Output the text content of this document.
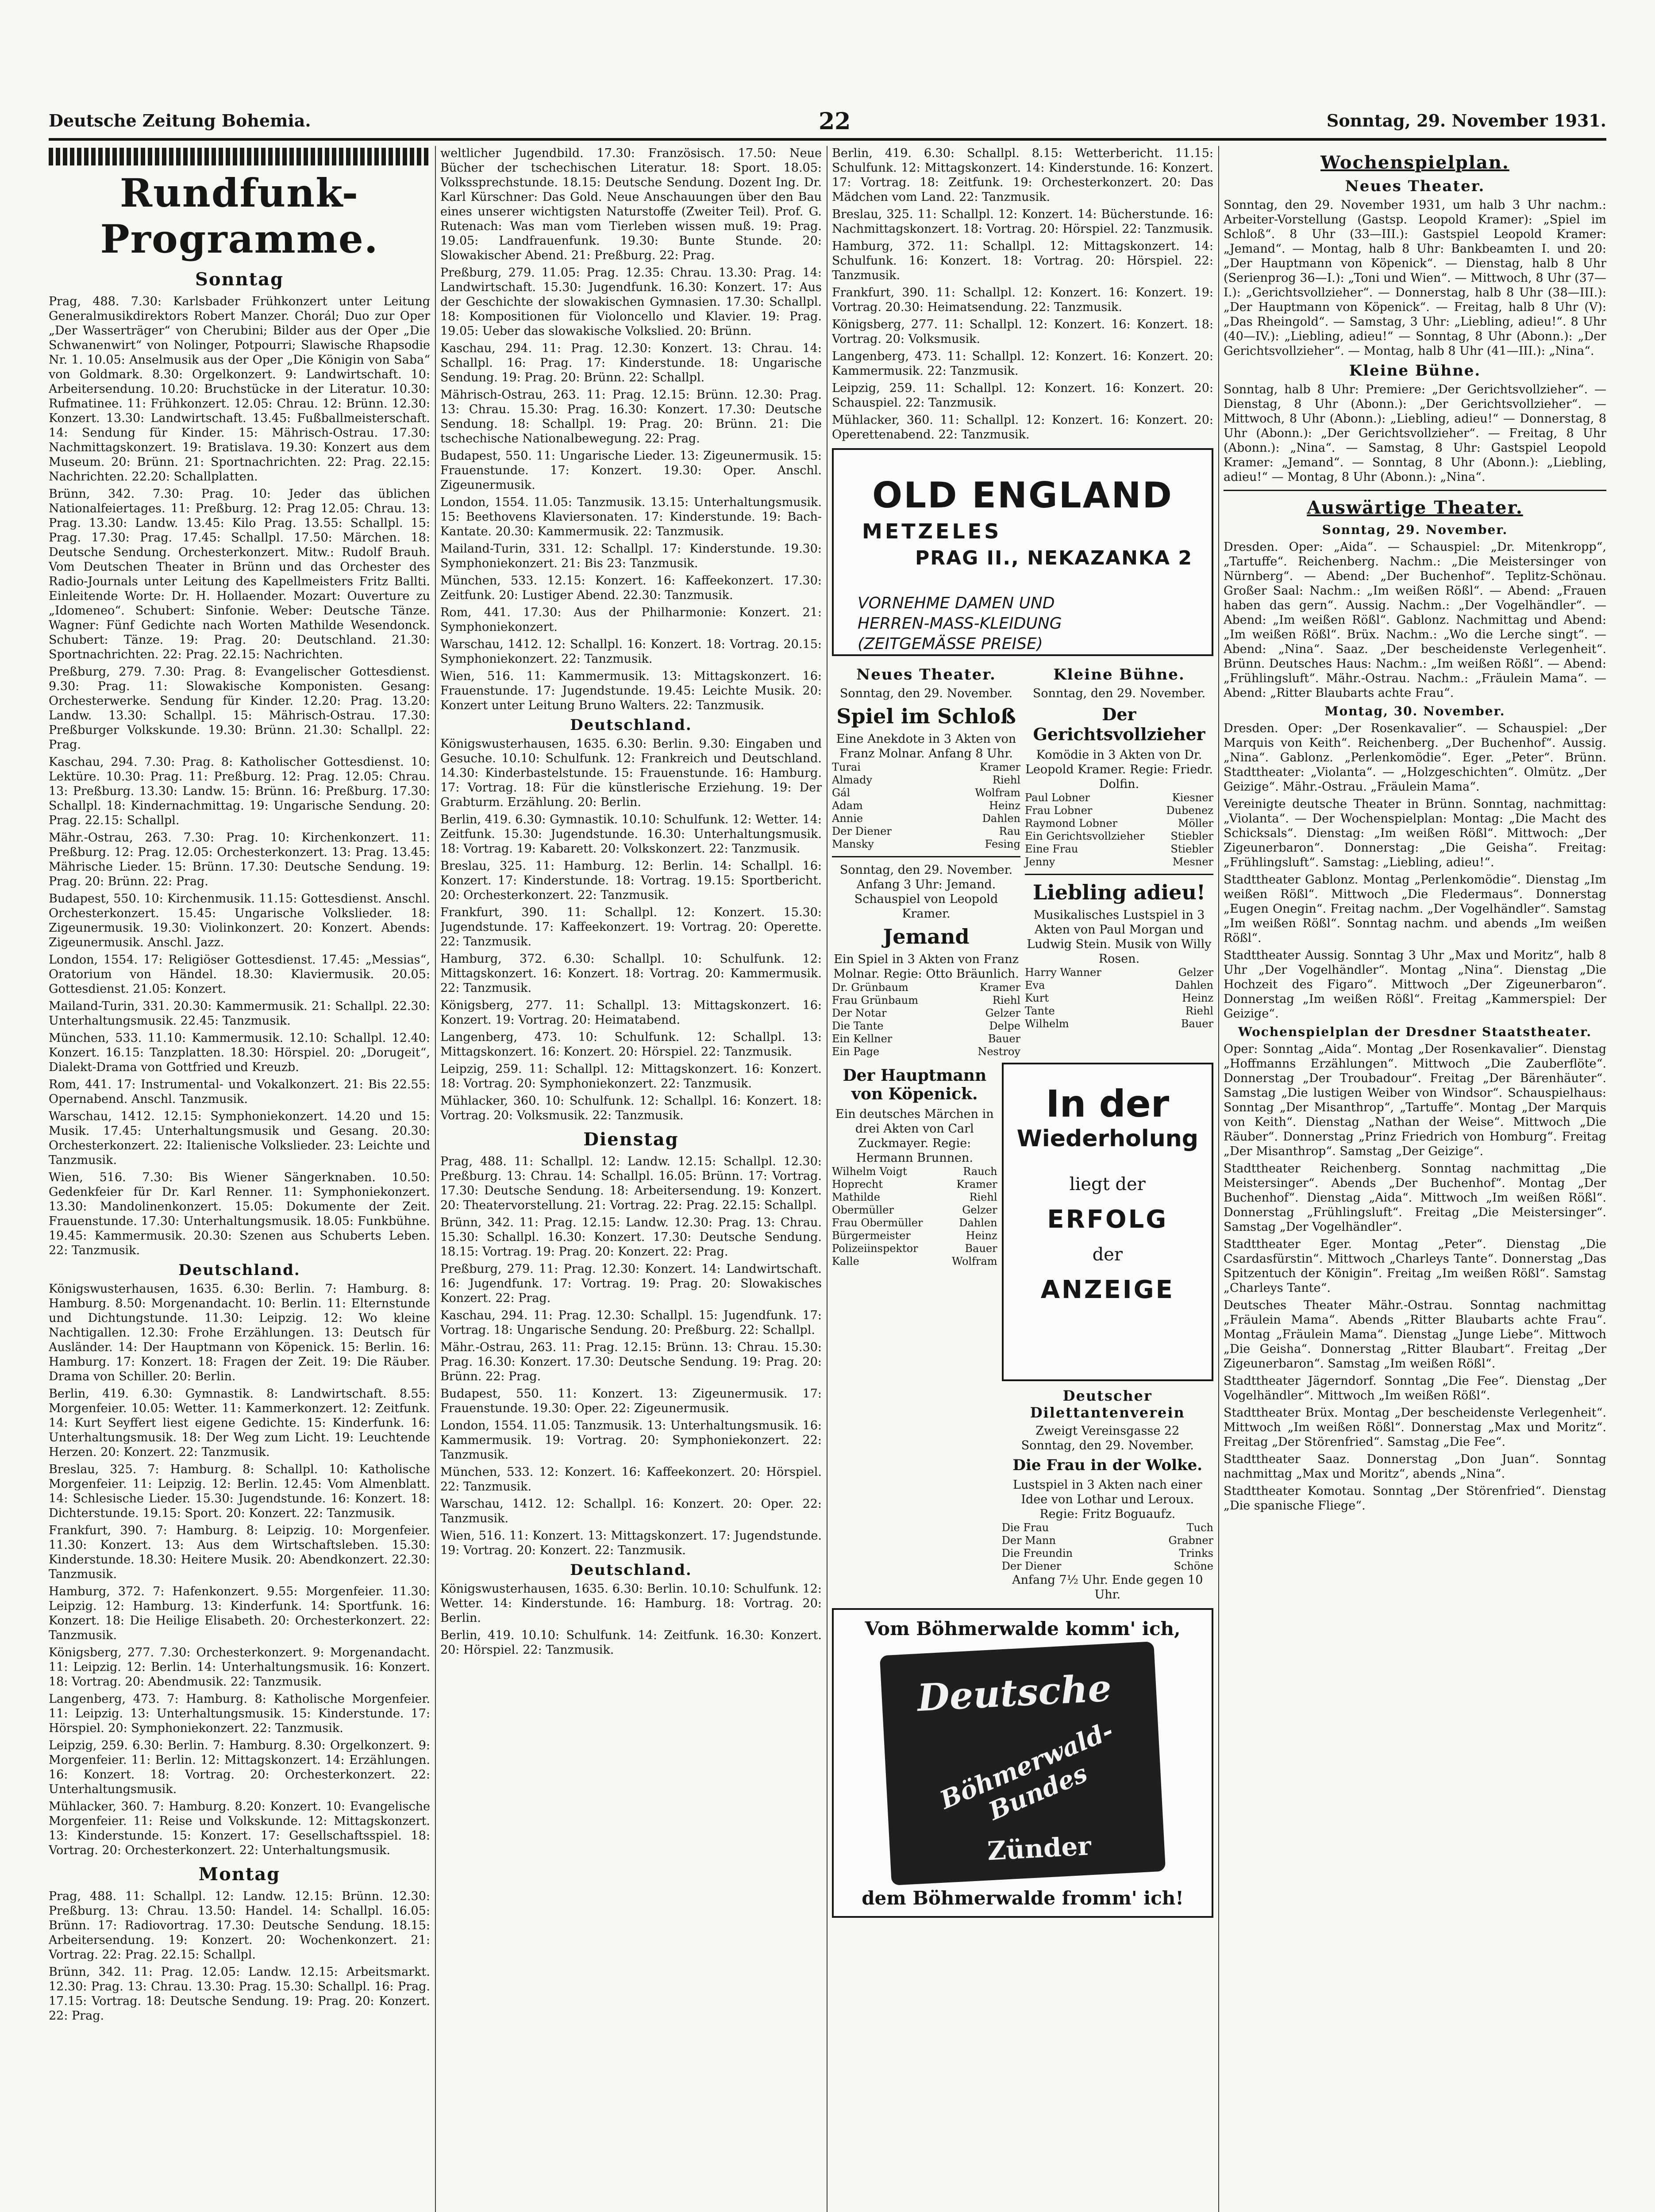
Deutsche Zeitung Bohemia.	22	Sonntag, 29. November 1931.
Rundfunk-Programme.
Sonntag

Prag, 488. 7.30: Karlsbader Frühkonzert unter Leitung Generalmusikdirektors Robert Manzer. Chorál; Duo zur Oper „Der Wasserträger“ von Cherubini; Bilder aus der Oper „Die Schwanenwirt“ von Nolinger, Potpourri; Slawische Rhapsodie Nr. 1. 10.05: Anselmusik aus der Oper „Die Königin von Saba“ von Goldmark. 8.30: Orgelkonzert. 9: Landwirtschaft. 10: Arbeitersendung. 10.20: Bruchstücke in der Literatur. 10.30: Rufmatinee. 11: Frühkonzert. 12.05: Chrau. 12: Brünn. 12.30: Konzert. 13.30: Landwirtschaft. 13.45: Fußballmeisterschaft. 14: Sendung für Kinder. 15: Mährisch-Ostrau. 17.30: Nachmittagskonzert. 19: Bratislava. 19.30: Konzert aus dem Museum. 20: Brünn. 21: Sportnachrichten. 22: Prag. 22.15: Nachrichten. 22.20: Schallplatten.

Brünn, 342. 7.30: Prag. 10: Jeder das üblichen Nationalfeiertages. 11: Preßburg. 12: Prag 12.05: Chrau. 13: Prag. 13.30: Landw. 13.45: Kilo Prag. 13.55: Schallpl. 15: Prag. 17.30: Prag. 17.45: Schallpl. 17.50: Märchen. 18: Deutsche Sendung. Orchesterkonzert. Mitw.: Rudolf Brauh. Vom Deutschen Theater in Brünn und das Orchester des Radio-Journals unter Leitung des Kapellmeisters Fritz Ballti. Einleitende Worte: Dr. H. Hollaender. Mozart: Ouverture zu „Idomeneo“. Schubert: Sinfonie. Weber: Deutsche Tänze. Wagner: Fünf Gedichte nach Worten Mathilde Wesendonck. Schubert: Tänze. 19: Prag. 20: Deutschland. 21.30: Sportnachrichten. 22: Prag. 22.15: Nachrichten.

Preßburg, 279. 7.30: Prag. 8: Evangelischer Gottesdienst. 9.30: Prag. 11: Slowakische Komponisten. Gesang: Orchesterwerke. Sendung für Kinder. 12.20: Prag. 13.20: Landw. 13.30: Schallpl. 15: Mährisch-Ostrau. 17.30: Preßburger Volkskunde. 19.30: Brünn. 21.30: Schallpl. 22: Prag.

Kaschau, 294. 7.30: Prag. 8: Katholischer Gottesdienst. 10: Lektüre. 10.30: Prag. 11: Preßburg. 12: Prag. 12.05: Chrau. 13: Preßburg. 13.30: Landw. 15: Brünn. 16: Preßburg. 17.30: Schallpl. 18: Kindernachmittag. 19: Ungarische Sendung. 20: Prag. 22.15: Schallpl.

Mähr.-Ostrau, 263. 7.30: Prag. 10: Kirchenkonzert. 11: Preßburg. 12: Prag. 12.05: Orchesterkonzert. 13: Prag. 13.45: Mährische Lieder. 15: Brünn. 17.30: Deutsche Sendung. 19: Prag. 20: Brünn. 22: Prag.

Budapest, 550. 10: Kirchenmusik. 11.15: Gottesdienst. Anschl. Orchesterkonzert. 15.45: Ungarische Volkslieder. 18: Zigeunermusik. 19.30: Violinkonzert. 20: Konzert. Abends: Zigeunermusik. Anschl. Jazz.

London, 1554. 17: Religiöser Gottesdienst. 17.45: „Messias“, Oratorium von Händel. 18.30: Klaviermusik. 20.05: Gottesdienst. 21.05: Konzert.

Mailand-Turin, 331. 20.30: Kammermusik. 21: Schallpl. 22.30: Unterhaltungsmusik. 22.45: Tanzmusik.

München, 533. 11.10: Kammermusik. 12.10: Schallpl. 12.40: Konzert. 16.15: Tanzplatten. 18.30: Hörspiel. 20: „Dorugeit“, Dialekt-Drama von Gottfried und Kreuzb.

Rom, 441. 17: Instrumental- und Vokalkonzert. 21: Bis 22.55: Opernabend. Anschl. Tanzmusik.

Warschau, 1412. 12.15: Symphoniekonzert. 14.20 und 15: Musik. 17.45: Unterhaltungsmusik und Gesang. 20.30: Orchesterkonzert. 22: Italienische Volkslieder. 23: Leichte und Tanzmusik.

Wien, 516. 7.30: Bis Wiener Sängerknaben. 10.50: Gedenkfeier für Dr. Karl Renner. 11: Symphoniekonzert. 13.30: Mandolinenkonzert. 15.05: Dokumente der Zeit. Frauenstunde. 17.30: Unterhaltungsmusik. 18.05: Funkbühne. 19.45: Kammermusik. 20.30: Szenen aus Schuberts Leben. 22: Tanzmusik.

Deutschland.

Königswusterhausen, 1635. 6.30: Berlin. 7: Hamburg. 8: Hamburg. 8.50: Morgenandacht. 10: Berlin. 11: Elternstunde und Dichtungstunde. 11.30: Leipzig. 12: Wo kleine Nachtigallen. 12.30: Frohe Erzählungen. 13: Deutsch für Ausländer. 14: Der Hauptmann von Köpenick. 15: Berlin. 16: Hamburg. 17: Konzert. 18: Fragen der Zeit. 19: Die Räuber. Drama von Schiller. 20: Berlin.

Berlin, 419. 6.30: Gymnastik. 8: Landwirtschaft. 8.55: Morgenfeier. 10.05: Wetter. 11: Kammerkonzert. 12: Zeitfunk. 14: Kurt Seyffert liest eigene Gedichte. 15: Kinderfunk. 16: Unterhaltungsmusik. 18: Der Weg zum Licht. 19: Leuchtende Herzen. 20: Konzert. 22: Tanzmusik.

Breslau, 325. 7: Hamburg. 8: Schallpl. 10: Katholische Morgenfeier. 11: Leipzig. 12: Berlin. 12.45: Vom Almenblatt. 14: Schlesische Lieder. 15.30: Jugendstunde. 16: Konzert. 18: Dichterstunde. 19.15: Sport. 20: Konzert. 22: Tanzmusik.

Frankfurt, 390. 7: Hamburg. 8: Leipzig. 10: Morgenfeier. 11.30: Konzert. 13: Aus dem Wirtschaftsleben. 15.30: Kinderstunde. 18.30: Heitere Musik. 20: Abendkonzert. 22.30: Tanzmusik.

Hamburg, 372. 7: Hafenkonzert. 9.55: Morgenfeier. 11.30: Leipzig. 12: Hamburg. 13: Kinderfunk. 14: Sportfunk. 16: Konzert. 18: Die Heilige Elisabeth. 20: Orchesterkonzert. 22: Tanzmusik.

Königsberg, 277. 7.30: Orchesterkonzert. 9: Morgenandacht. 11: Leipzig. 12: Berlin. 14: Unterhaltungsmusik. 16: Konzert. 18: Vortrag. 20: Abendmusik. 22: Tanzmusik.

Langenberg, 473. 7: Hamburg. 8: Katholische Morgenfeier. 11: Leipzig. 13: Unterhaltungsmusik. 15: Kinderstunde. 17: Hörspiel. 20: Symphoniekonzert. 22: Tanzmusik.

Leipzig, 259. 6.30: Berlin. 7: Hamburg. 8.30: Orgelkonzert. 9: Morgenfeier. 11: Berlin. 12: Mittagskonzert. 14: Erzählungen. 16: Konzert. 18: Vortrag. 20: Orchesterkonzert. 22: Unterhaltungsmusik.

Mühlacker, 360. 7: Hamburg. 8.20: Konzert. 10: Evangelische Morgenfeier. 11: Reise und Volkskunde. 12: Mittagskonzert. 13: Kinderstunde. 15: Konzert. 17: Gesellschaftsspiel. 18: Vortrag. 20: Orchesterkonzert. 22: Unterhaltungsmusik.

Montag

Prag, 488. 11: Schallpl. 12: Landw. 12.15: Brünn. 12.30: Preßburg. 13: Chrau. 13.50: Handel. 14: Schallpl. 16.05: Brünn. 17: Radiovortrag. 17.30: Deutsche Sendung. 18.15: Arbeitersendung. 19: Konzert. 20: Wochenkonzert. 21: Vortrag. 22: Prag. 22.15: Schallpl.

Brünn, 342. 11: Prag. 12.05: Landw. 12.15: Arbeitsmarkt. 12.30: Prag. 13: Chrau. 13.30: Prag. 15.30: Schallpl. 16: Prag. 17.15: Vortrag. 18: Deutsche Sendung. 19: Prag. 20: Konzert. 22: Prag.

weltlicher Jugendbild. 17.30: Französisch. 17.50: Neue Bücher der tschechischen Literatur. 18: Sport. 18.05: Volkssprechstunde. 18.15: Deutsche Sendung. Dozent Ing. Dr. Karl Kürschner: Das Gold. Neue Anschauungen über den Bau eines unserer wichtigsten Naturstoffe (Zweiter Teil). Prof. G. Rutenach: Was man vom Tierleben wissen muß. 19: Prag. 19.05: Landfrauenfunk. 19.30: Bunte Stunde. 20: Slowakischer Abend. 21: Preßburg. 22: Prag.

Preßburg, 279. 11.05: Prag. 12.35: Chrau. 13.30: Prag. 14: Landwirtschaft. 15.30: Jugendfunk. 16.30: Konzert. 17: Aus der Geschichte der slowakischen Gymnasien. 17.30: Schallpl. 18: Kompositionen für Violoncello und Klavier. 19: Prag. 19.05: Ueber das slowakische Volkslied. 20: Brünn.

Kaschau, 294. 11: Prag. 12.30: Konzert. 13: Chrau. 14: Schallpl. 16: Prag. 17: Kinderstunde. 18: Ungarische Sendung. 19: Prag. 20: Brünn. 22: Schallpl.

Mährisch-Ostrau, 263. 11: Prag. 12.15: Brünn. 12.30: Prag. 13: Chrau. 15.30: Prag. 16.30: Konzert. 17.30: Deutsche Sendung. 18: Schallpl. 19: Prag. 20: Brünn. 21: Die tschechische Nationalbewegung. 22: Prag.

Budapest, 550. 11: Ungarische Lieder. 13: Zigeunermusik. 15: Frauenstunde. 17: Konzert. 19.30: Oper. Anschl. Zigeunermusik.

London, 1554. 11.05: Tanzmusik. 13.15: Unterhaltungsmusik. 15: Beethovens Klaviersonaten. 17: Kinderstunde. 19: Bach-Kantate. 20.30: Kammermusik. 22: Tanzmusik.

Mailand-Turin, 331. 12: Schallpl. 17: Kinderstunde. 19.30: Symphoniekonzert. 21: Bis 23: Tanzmusik.

München, 533. 12.15: Konzert. 16: Kaffeekonzert. 17.30: Zeitfunk. 20: Lustiger Abend. 22.30: Tanzmusik.

Rom, 441. 17.30: Aus der Philharmonie: Konzert. 21: Symphoniekonzert.

Warschau, 1412. 12: Schallpl. 16: Konzert. 18: Vortrag. 20.15: Symphoniekonzert. 22: Tanzmusik.

Wien, 516. 11: Kammermusik. 13: Mittagskonzert. 16: Frauenstunde. 17: Jugendstunde. 19.45: Leichte Musik. 20: Konzert unter Leitung Bruno Walters. 22: Tanzmusik.

Deutschland.

Königswusterhausen, 1635. 6.30: Berlin. 9.30: Eingaben und Gesuche. 10.10: Schulfunk. 12: Frankreich und Deutschland. 14.30: Kinderbastelstunde. 15: Frauenstunde. 16: Hamburg. 17: Vortrag. 18: Für die künstlerische Erziehung. 19: Der Grabturm. Erzählung. 20: Berlin.

Berlin, 419. 6.30: Gymnastik. 10.10: Schulfunk. 12: Wetter. 14: Zeitfunk. 15.30: Jugendstunde. 16.30: Unterhaltungsmusik. 18: Vortrag. 19: Kabarett. 20: Volkskonzert. 22: Tanzmusik.

Breslau, 325. 11: Hamburg. 12: Berlin. 14: Schallpl. 16: Konzert. 17: Kinderstunde. 18: Vortrag. 19.15: Sportbericht. 20: Orchesterkonzert. 22: Tanzmusik.

Frankfurt, 390. 11: Schallpl. 12: Konzert. 15.30: Jugendstunde. 17: Kaffeekonzert. 19: Vortrag. 20: Operette. 22: Tanzmusik.

Hamburg, 372. 6.30: Schallpl. 10: Schulfunk. 12: Mittagskonzert. 16: Konzert. 18: Vortrag. 20: Kammermusik. 22: Tanzmusik.

Königsberg, 277. 11: Schallpl. 13: Mittagskonzert. 16: Konzert. 19: Vortrag. 20: Heimatabend.

Langenberg, 473. 10: Schulfunk. 12: Schallpl. 13: Mittagskonzert. 16: Konzert. 20: Hörspiel. 22: Tanzmusik.

Leipzig, 259. 11: Schallpl. 12: Mittagskonzert. 16: Konzert. 18: Vortrag. 20: Symphoniekonzert. 22: Tanzmusik.

Mühlacker, 360. 10: Schulfunk. 12: Schallpl. 16: Konzert. 18: Vortrag. 20: Volksmusik. 22: Tanzmusik.

Dienstag

Prag, 488. 11: Schallpl. 12: Landw. 12.15: Schallpl. 12.30: Preßburg. 13: Chrau. 14: Schallpl. 16.05: Brünn. 17: Vortrag. 17.30: Deutsche Sendung. 18: Arbeitersendung. 19: Konzert. 20: Theatervorstellung. 21: Vortrag. 22: Prag. 22.15: Schallpl.

Brünn, 342. 11: Prag. 12.15: Landw. 12.30: Prag. 13: Chrau. 15.30: Schallpl. 16.30: Konzert. 17.30: Deutsche Sendung. 18.15: Vortrag. 19: Prag. 20: Konzert. 22: Prag.

Preßburg, 279. 11: Prag. 12.30: Konzert. 14: Landwirtschaft. 16: Jugendfunk. 17: Vortrag. 19: Prag. 20: Slowakisches Konzert. 22: Prag.

Kaschau, 294. 11: Prag. 12.30: Schallpl. 15: Jugendfunk. 17: Vortrag. 18: Ungarische Sendung. 20: Preßburg. 22: Schallpl.

Mähr.-Ostrau, 263. 11: Prag. 12.15: Brünn. 13: Chrau. 15.30: Prag. 16.30: Konzert. 17.30: Deutsche Sendung. 19: Prag. 20: Brünn. 22: Prag.

Budapest, 550. 11: Konzert. 13: Zigeunermusik. 17: Frauenstunde. 19.30: Oper. 22: Zigeunermusik.

London, 1554. 11.05: Tanzmusik. 13: Unterhaltungsmusik. 16: Kammermusik. 19: Vortrag. 20: Symphoniekonzert. 22: Tanzmusik.

München, 533. 12: Konzert. 16: Kaffeekonzert. 20: Hörspiel. 22: Tanzmusik.

Warschau, 1412. 12: Schallpl. 16: Konzert. 20: Oper. 22: Tanzmusik.

Wien, 516. 11: Konzert. 13: Mittagskonzert. 17: Jugendstunde. 19: Vortrag. 20: Konzert. 22: Tanzmusik.

Deutschland.

Königswusterhausen, 1635. 6.30: Berlin. 10.10: Schulfunk. 12: Wetter. 14: Kinderstunde. 16: Hamburg. 18: Vortrag. 20: Berlin.

Berlin, 419. 10.10: Schulfunk. 14: Zeitfunk. 16.30: Konzert. 20: Hörspiel. 22: Tanzmusik.

Berlin, 419. 6.30: Schallpl. 8.15: Wetterbericht. 11.15: Schulfunk. 12: Mittagskonzert. 14: Kinderstunde. 16: Konzert. 17: Vortrag. 18: Zeitfunk. 19: Orchesterkonzert. 20: Das Mädchen vom Land. 22: Tanzmusik.

Breslau, 325. 11: Schallpl. 12: Konzert. 14: Bücherstunde. 16: Nachmittagskonzert. 18: Vortrag. 20: Hörspiel. 22: Tanzmusik.

Hamburg, 372. 11: Schallpl. 12: Mittagskonzert. 14: Schulfunk. 16: Konzert. 18: Vortrag. 20: Hörspiel. 22: Tanzmusik.

Frankfurt, 390. 11: Schallpl. 12: Konzert. 16: Konzert. 19: Vortrag. 20.30: Heimatsendung. 22: Tanzmusik.

Königsberg, 277. 11: Schallpl. 12: Konzert. 16: Konzert. 18: Vortrag. 20: Volksmusik.

Langenberg, 473. 11: Schallpl. 12: Konzert. 16: Konzert. 20: Kammermusik. 22: Tanzmusik.

Leipzig, 259. 11: Schallpl. 12: Konzert. 16: Konzert. 20: Schauspiel. 22: Tanzmusik.

Mühlacker, 360. 11: Schallpl. 12: Konzert. 16: Konzert. 20: Operettenabend. 22: Tanzmusik.

OLD ENGLAND
METZELES
PRAG II., NEKAZANKA 2
VORNEHME DAMEN UND
HERREN-MASS-KLEIDUNG
(ZEITGEMÄSSE PREISE)
Neues Theater.
Sonntag, den 29. November.
Spiel im Schloß
Eine Anekdote in 3 Akten von Franz Molnar. Anfang 8 Uhr.
Turai	Kramer
Almady	Riehl
Gál	Wolfram
Adam	Heinz
Annie	Dahlen
Der Diener	Rau
Mansky	Fesing
Sonntag, den 29. November. Anfang 3 Uhr: Jemand. Schauspiel von Leopold Kramer.
Jemand
Ein Spiel in 3 Akten von Franz Molnar. Regie: Otto Bräunlich.
Dr. Grünbaum	Kramer
Frau Grünbaum	Riehl
Der Notar	Gelzer
Die Tante	Delpe
Ein Kellner	Bauer
Ein Page	Nestroy
Kleine Bühne.
Sonntag, den 29. November.
Der Gerichtsvollzieher
Komödie in 3 Akten von Dr. Leopold Kramer. Regie: Friedr. Dolfin.
Paul Lobner	Kiesner
Frau Lobner	Dubenez
Raymond Lobner	Möller
Ein Gerichtsvollzieher Stiebler
Eine Frau	Stiebler
Jenny	Mesner
Liebling adieu!
Musikalisches Lustspiel in 3 Akten von Paul Morgan und Ludwig Stein. Musik von Willy Rosen.
Harry Wanner	Gelzer
Eva	Dahlen
Kurt	Heinz
Tante	Riehl
Wilhelm	Bauer
Der Hauptmann von Köpenick.
Ein deutsches Märchen in drei Akten von Carl Zuckmayer. Regie: Hermann Brunnen.
Wilhelm Voigt	Rauch
Hoprecht	Kramer
Mathilde	Riehl
Obermüller	Gelzer
Frau Obermüller	Dahlen
Bürgermeister	Heinz
Polizeiinspektor	Bauer
Kalle	Wolfram
In der
Wiederholung
liegt der
ERFOLG
der
ANZEIGE
Deutscher Dilettantenverein
Zweigt Vereinsgasse 22
Sonntag, den 29. November.
Die Frau in der Wolke.
Lustspiel in 3 Akten nach einer Idee von Lothar und Leroux. Regie: Fritz Boguaufz.
Die Frau	Tuch
Der Mann	Grabner
Die Freundin	Trinks
Der Diener	Schöne
Anfang 7½ Uhr. Ende gegen 10 Uhr.
Vom Böhmerwalde komm' ich,
Deutsche
Böhmerwald-Bundes
Zünder
dem Böhmerwalde fromm' ich!
Wochenspielplan.
Neues Theater.

Sonntag, den 29. November 1931, um halb 3 Uhr nachm.: Arbeiter-Vorstellung (Gastsp. Leopold Kramer): „Spiel im Schloß“. 8 Uhr (33—III.): Gastspiel Leopold Kramer: „Jemand“. — Montag, halb 8 Uhr: Bankbeamten I. und 20: „Der Hauptmann von Köpenick“. — Dienstag, halb 8 Uhr (Serienprog 36—I.): „Toni und Wien“. — Mittwoch, 8 Uhr (37—I.): „Gerichtsvollzieher“. — Donnerstag, halb 8 Uhr (38—III.): „Der Hauptmann von Köpenick“. — Freitag, halb 8 Uhr (V): „Das Rheingold“. — Samstag, 3 Uhr: „Liebling, adieu!“. 8 Uhr (40—IV.): „Liebling, adieu!“ — Sonntag, 8 Uhr (Abonn.): „Der Gerichtsvollzieher“. — Montag, halb 8 Uhr (41—III.): „Nina“.

Kleine Bühne.

Sonntag, halb 8 Uhr: Premiere: „Der Gerichtsvollzieher“. — Dienstag, 8 Uhr (Abonn.): „Der Gerichtsvollzieher“. — Mittwoch, 8 Uhr (Abonn.): „Liebling, adieu!“ — Donnerstag, 8 Uhr (Abonn.): „Der Gerichtsvollzieher“. — Freitag, 8 Uhr (Abonn.): „Nina“. — Samstag, 8 Uhr: Gastspiel Leopold Kramer: „Jemand“. — Sonntag, 8 Uhr (Abonn.): „Liebling, adieu!“ — Montag, 8 Uhr (Abonn.): „Nina“.

Auswärtige Theater.
Sonntag, 29. November.

Dresden. Oper: „Aida“. — Schauspiel: „Dr. Mitenkropp“, „Tartuffe“. Reichenberg. Nachm.: „Die Meistersinger von Nürnberg“. — Abend: „Der Buchenhof“. Teplitz-Schönau. Großer Saal: Nachm.: „Im weißen Rößl“. — Abend: „Frauen haben das gern“. Aussig. Nachm.: „Der Vogelhändler“. — Abend: „Im weißen Rößl“. Gablonz. Nachmittag und Abend: „Im weißen Rößl“. Brüx. Nachm.: „Wo die Lerche singt“. — Abend: „Nina“. Saaz. „Der bescheidenste Verlegenheit“. Brünn. Deutsches Haus: Nachm.: „Im weißen Rößl“. — Abend: „Frühlingsluft“. Mähr.-Ostrau. Nachm.: „Fräulein Mama“. — Abend: „Ritter Blaubarts achte Frau“.

Montag, 30. November.

Dresden. Oper: „Der Rosenkavalier“. — Schauspiel: „Der Marquis von Keith“. Reichenberg. „Der Buchenhof“. Aussig. „Nina“. Gablonz. „Perlenkomödie“. Eger. „Peter“. Brünn. Stadttheater: „Violanta“. — „Holzgeschichten“. Olmütz. „Der Geizige“. Mähr.-Ostrau. „Fräulein Mama“.

Vereinigte deutsche Theater in Brünn. Sonntag, nachmittag: „Violanta“. — Der Wochenspielplan: Montag: „Die Macht des Schicksals“. Dienstag: „Im weißen Rößl“. Mittwoch: „Der Zigeunerbaron“. Donnerstag: „Die Geisha“. Freitag: „Frühlingsluft“. Samstag: „Liebling, adieu!“.

Stadttheater Gablonz. Montag „Perlenkomödie“. Dienstag „Im weißen Rößl“. Mittwoch „Die Fledermaus“. Donnerstag „Eugen Onegin“. Freitag nachm. „Der Vogelhändler“. Samstag „Im weißen Rößl“. Sonntag nachm. und abends „Im weißen Rößl“.

Stadttheater Aussig. Sonntag 3 Uhr „Max und Moritz“, halb 8 Uhr „Der Vogelhändler“. Montag „Nina“. Dienstag „Die Hochzeit des Figaro“. Mittwoch „Der Zigeunerbaron“. Donnerstag „Im weißen Rößl“. Freitag „Kammerspiel: Der Geizige“.

Wochenspielplan der Dresdner Staatstheater.

Oper: Sonntag „Aida“. Montag „Der Rosenkavalier“. Dienstag „Hoffmanns Erzählungen“. Mittwoch „Die Zauberflöte“. Donnerstag „Der Troubadour“. Freitag „Der Bärenhäuter“. Samstag „Die lustigen Weiber von Windsor“. Schauspielhaus: Sonntag „Der Misanthrop“, „Tartuffe“. Montag „Der Marquis von Keith“. Dienstag „Nathan der Weise“. Mittwoch „Die Räuber“. Donnerstag „Prinz Friedrich von Homburg“. Freitag „Der Misanthrop“. Samstag „Der Geizige“.

Stadttheater Reichenberg. Sonntag nachmittag „Die Meistersinger“. Abends „Der Buchenhof“. Montag „Der Buchenhof“. Dienstag „Aida“. Mittwoch „Im weißen Rößl“. Donnerstag „Frühlingsluft“. Freitag „Die Meistersinger“. Samstag „Der Vogelhändler“.

Stadttheater Eger. Montag „Peter“. Dienstag „Die Csardasfürstin“. Mittwoch „Charleys Tante“. Donnerstag „Das Spitzentuch der Königin“. Freitag „Im weißen Rößl“. Samstag „Charleys Tante“.

Deutsches Theater Mähr.-Ostrau. Sonntag nachmittag „Fräulein Mama“. Abends „Ritter Blaubarts achte Frau“. Montag „Fräulein Mama“. Dienstag „Junge Liebe“. Mittwoch „Die Geisha“. Donnerstag „Ritter Blaubart“. Freitag „Der Zigeunerbaron“. Samstag „Im weißen Rößl“.

Stadttheater Jägerndorf. Sonntag „Die Fee“. Dienstag „Der Vogelhändler“. Mittwoch „Im weißen Rößl“.

Stadttheater Brüx. Montag „Der bescheidenste Verlegenheit“. Mittwoch „Im weißen Rößl“. Donnerstag „Max und Moritz“. Freitag „Der Störenfried“. Samstag „Die Fee“.

Stadttheater Saaz. Donnerstag „Don Juan“. Sonntag nachmittag „Max und Moritz“, abends „Nina“.

Stadttheater Komotau. Sonntag „Der Störenfried“. Dienstag „Die spanische Fliege“.
